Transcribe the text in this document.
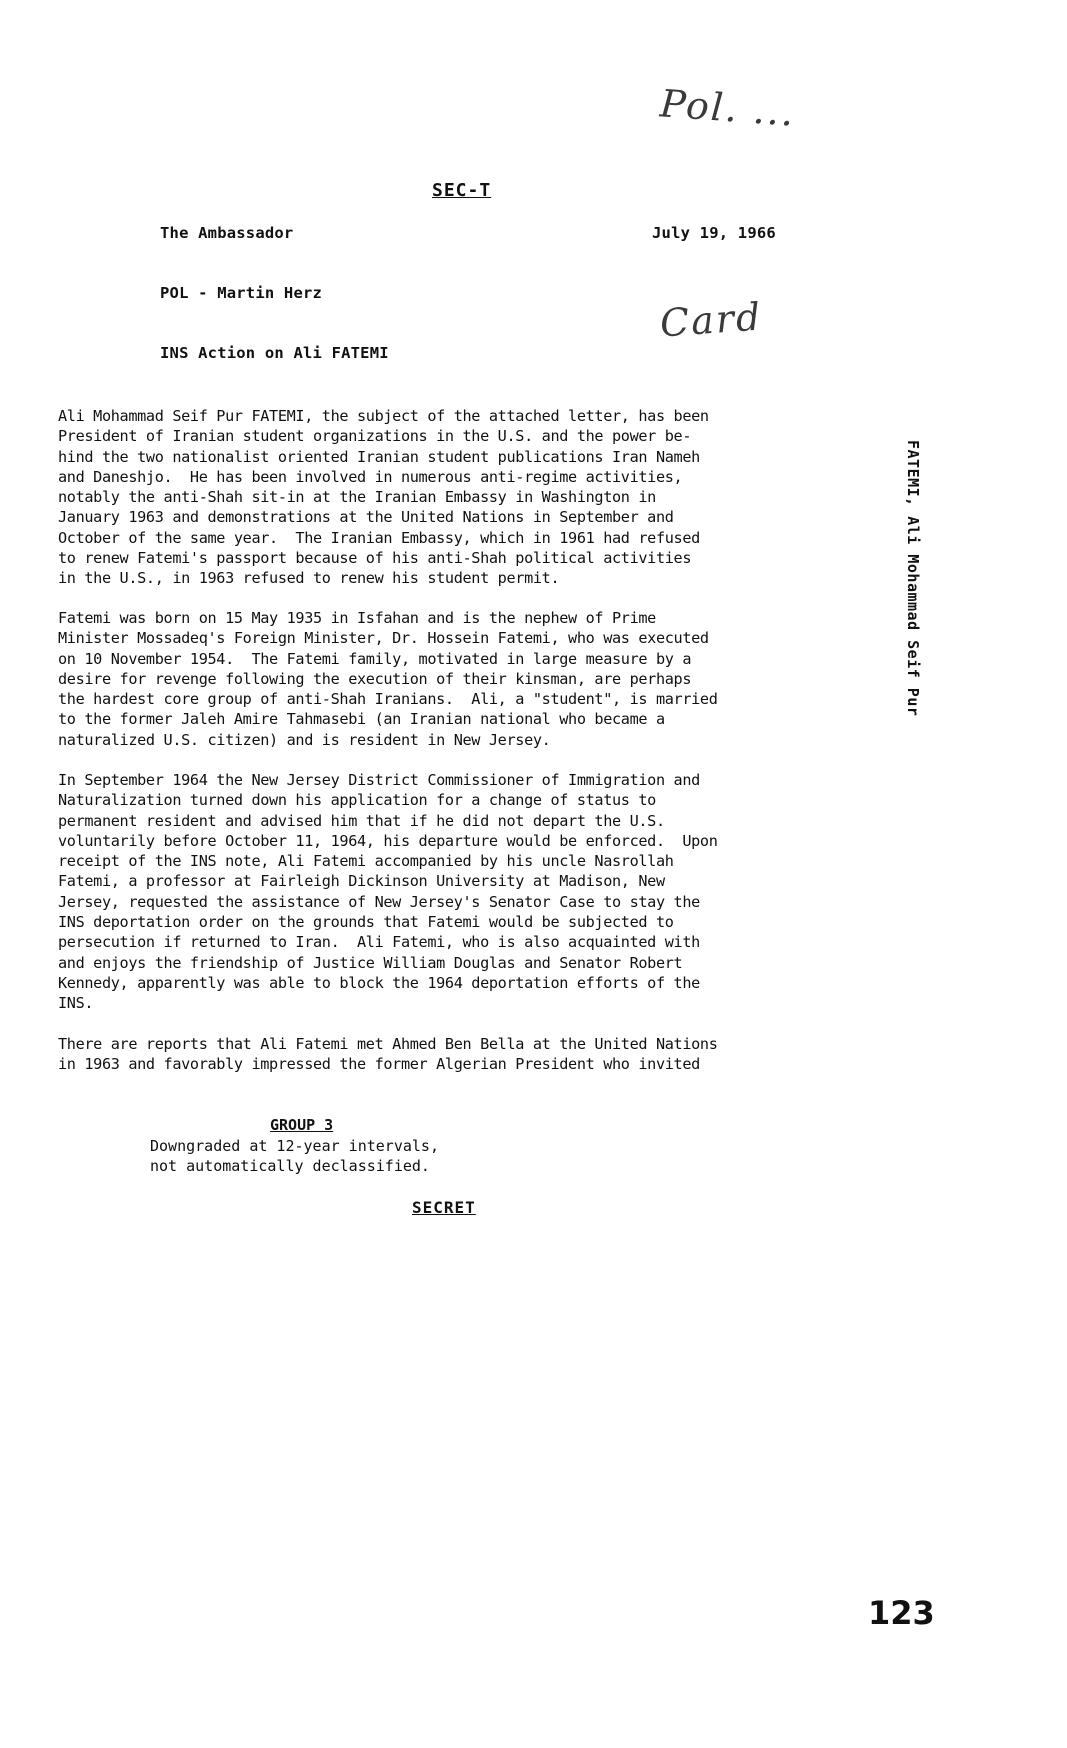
Pol. ...
SEC-T
The Ambassador	July 19, 1966
POL - Martin Herz
Card
INS Action on Ali FATEMI
Ali Mohammad Seif Pur FATEMI, the subject of the attached letter, has been
President of Iranian student organizations in the U.S. and the power be-
hind the two nationalist oriented Iranian student publications Iran Nameh
and Daneshjo.  He has been involved in numerous anti-regime activities,
notably the anti-Shah sit-in at the Iranian Embassy in Washington in
January 1963 and demonstrations at the United Nations in September and
October of the same year.  The Iranian Embassy, which in 1961 had refused
to renew Fatemi's passport because of his anti-Shah political activities
in the U.S., in 1963 refused to renew his student permit.
Fatemi was born on 15 May 1935 in Isfahan and is the nephew of Prime
Minister Mossadeq's Foreign Minister, Dr. Hossein Fatemi, who was executed
on 10 November 1954.  The Fatemi family, motivated in large measure by a
desire for revenge following the execution of their kinsman, are perhaps
the hardest core group of anti-Shah Iranians.  Ali, a "student", is married
to the former Jaleh Amire Tahmasebi (an Iranian national who became a
naturalized U.S. citizen) and is resident in New Jersey.
In September 1964 the New Jersey District Commissioner of Immigration and
Naturalization turned down his application for a change of status to
permanent resident and advised him that if he did not depart the U.S.
voluntarily before October 11, 1964, his departure would be enforced.  Upon
receipt of the INS note, Ali Fatemi accompanied by his uncle Nasrollah
Fatemi, a professor at Fairleigh Dickinson University at Madison, New
Jersey, requested the assistance of New Jersey's Senator Case to stay the
INS deportation order on the grounds that Fatemi would be subjected to
persecution if returned to Iran.  Ali Fatemi, who is also acquainted with
and enjoys the friendship of Justice William Douglas and Senator Robert
Kennedy, apparently was able to block the 1964 deportation efforts of the
INS.
There are reports that Ali Fatemi met Ahmed Ben Bella at the United Nations
in 1963 and favorably impressed the former Algerian President who invited
FATEMI, Ali Mohammad Seif Pur
GROUP 3
Downgraded at 12-year intervals,
not automatically declassified.
SECRET
123
